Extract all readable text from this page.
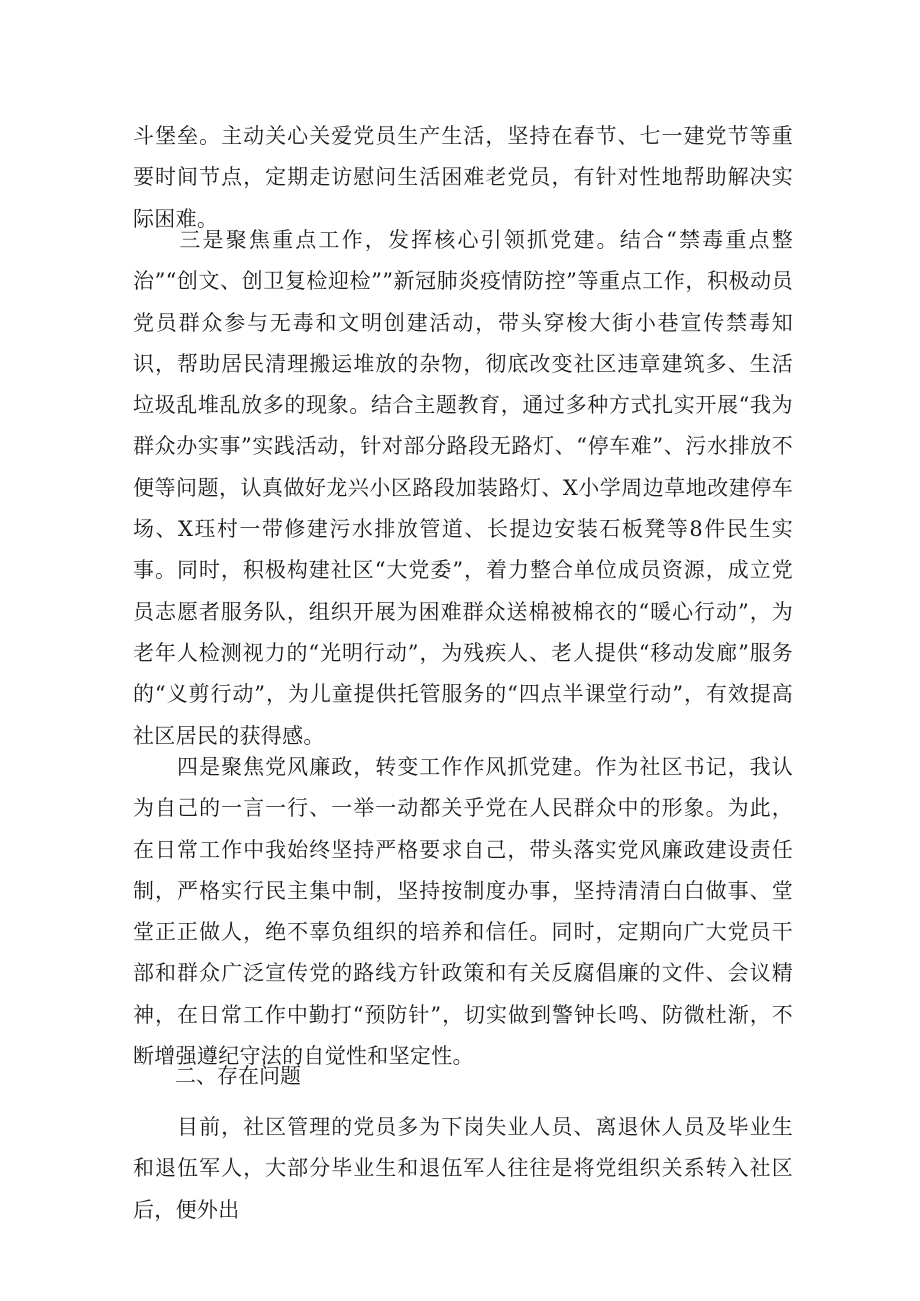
斗堡垒。主动关心关爱党员生产生活，坚持在春节、七一建党节等重要时间节点，定期走访慰问生活困难老党员，有针对性地帮助解决实际困难。

　　三是聚焦重点工作，发挥核心引领抓党建。结合“禁毒重点整治”“创文、创卫复检迎检””新冠肺炎疫情防控”等重点工作，积极动员党员群众参与无毒和文明创建活动，带头穿梭大街小巷宣传禁毒知识，帮助居民清理搬运堆放的杂物，彻底改变社区违章建筑多、生活垃圾乱堆乱放多的现象。结合主题教育，通过多种方式扎实开展“我为群众办实事”实践活动，针对部分路段无路灯、“停车难”、污水排放不便等问题，认真做好龙兴小区路段加装路灯、X小学周边草地改建停车场、X珏村一带修建污水排放管道、长提边安装石板凳等8件民生实事。同时，积极构建社区“大党委”，着力整合单位成员资源，成立党员志愿者服务队，组织开展为困难群众送棉被棉衣的“暖心行动”，为老年人检测视力的“光明行动”，为残疾人、老人提供“移动发廊”服务的“义剪行动”，为儿童提供托管服务的“四点半课堂行动”，有效提高社区居民的获得感。

　　四是聚焦党风廉政，转变工作作风抓党建。作为社区书记，我认为自己的一言一行、一举一动都关乎党在人民群众中的形象。为此，在日常工作中我始终坚持严格要求自己，带头落实党风廉政建设责任制，严格实行民主集中制，坚持按制度办事，坚持清清白白做事、堂堂正正做人，绝不辜负组织的培养和信任。同时，定期向广大党员干部和群众广泛宣传党的路线方针政策和有关反腐倡廉的文件、会议精神，在日常工作中勤打“预防针”，切实做到警钟长鸣、防微杜渐，不断增强遵纪守法的自觉性和坚定性。

二、存在问题

　　目前，社区管理的党员多为下岗失业人员、离退休人员及毕业生和退伍军人，大部分毕业生和退伍军人往往是将党组织关系转入社区后，便外出
